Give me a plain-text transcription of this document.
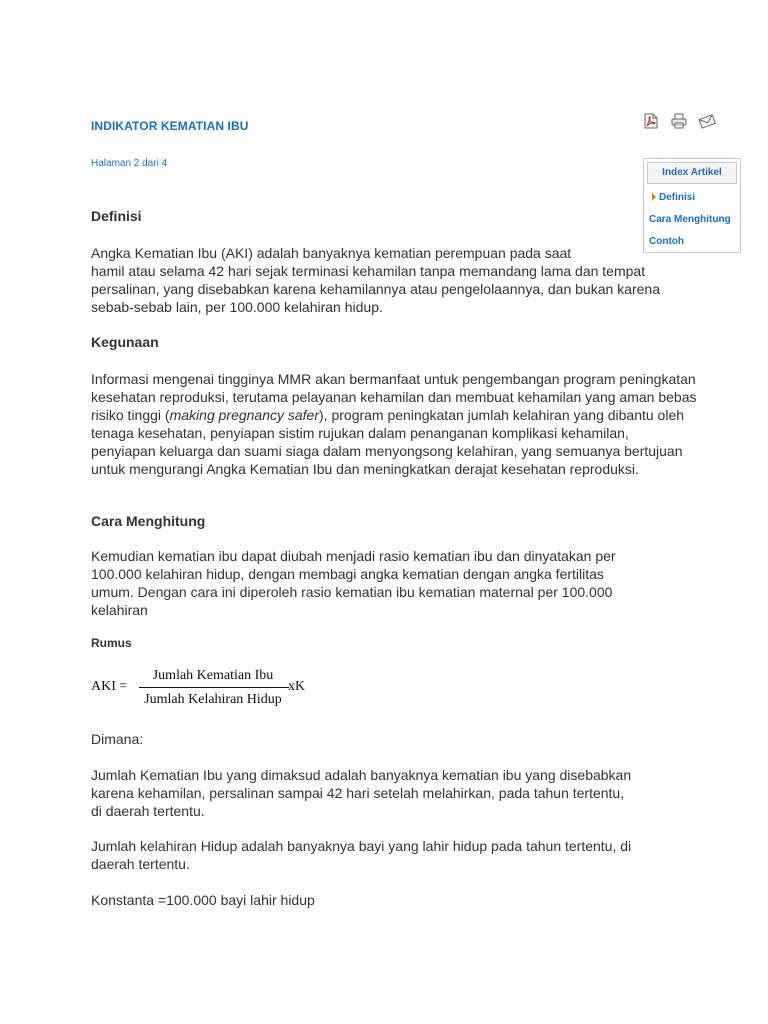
INDIKATOR KEMATIAN IBU
Halaman 2 dari 4
Index Artikel
Definisi
Cara Menghitung
Contoh
Definisi
Angka Kematian Ibu (AKI) adalah banyaknya kematian perempuan pada saat
hamil atau selama 42 hari sejak terminasi kehamilan tanpa memandang lama dan tempat
persalinan, yang disebabkan karena kehamilannya atau pengelolaannya, dan bukan karena
sebab-sebab lain, per 100.000 kelahiran hidup.
Kegunaan
Informasi mengenai tingginya MMR akan bermanfaat untuk pengembangan program peningkatan
kesehatan reproduksi, terutama pelayanan kehamilan dan membuat kehamilan yang aman bebas
risiko tinggi (making pregnancy safer), program peningkatan jumlah kelahiran yang dibantu oleh
tenaga kesehatan, penyiapan sistim rujukan dalam penanganan komplikasi kehamilan,
penyiapan keluarga dan suami siaga dalam menyongsong kelahiran, yang semuanya bertujuan
untuk mengurangi Angka Kematian Ibu dan meningkatkan derajat kesehatan reproduksi.
Cara Menghitung
Kemudian kematian ibu dapat diubah menjadi rasio kematian ibu dan dinyatakan per
100.000 kelahiran hidup, dengan membagi angka kematian dengan angka fertilitas
umum. Dengan cara ini diperoleh rasio kematian ibu kematian maternal per 100.000
kelahiran
Rumus
AKI =
Jumlah Kematian Ibu
Jumlah Kelahiran Hidup
xK
Dimana:
Jumlah Kematian Ibu yang dimaksud adalah banyaknya kematian ibu yang disebabkan
karena kehamilan, persalinan sampai 42 hari setelah melahirkan, pada tahun tertentu,
di daerah tertentu.
Jumlah kelahiran Hidup adalah banyaknya bayi yang lahir hidup pada tahun tertentu, di
daerah tertentu.
Konstanta =100.000 bayi lahir hidup
